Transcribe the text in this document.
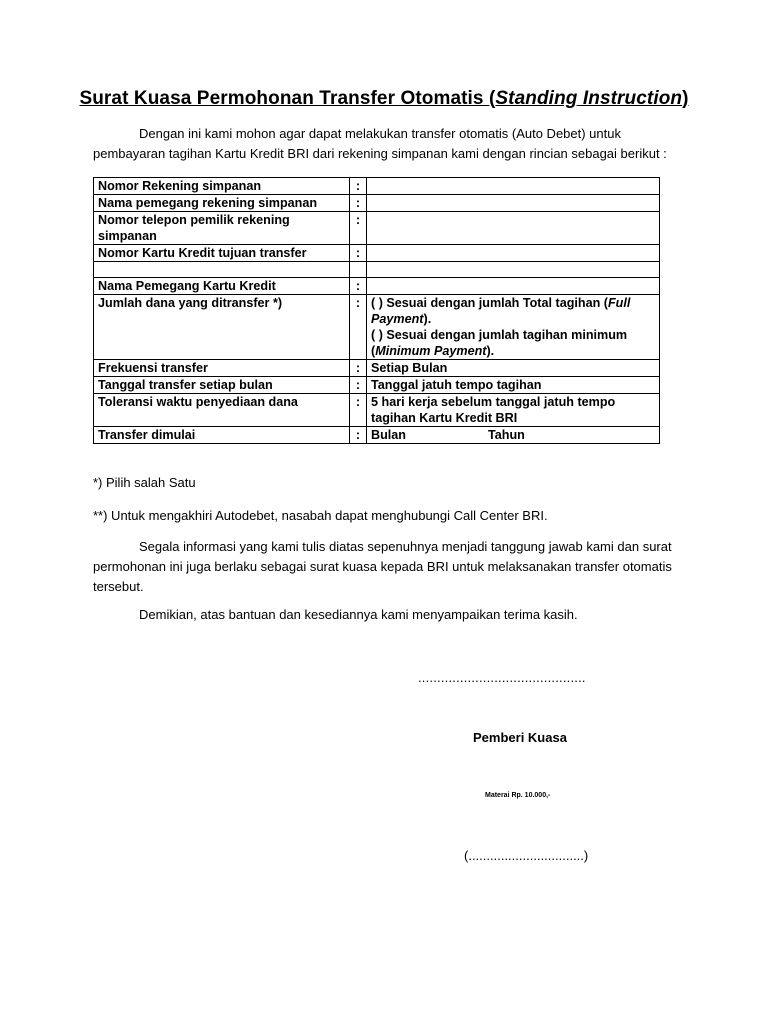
Surat Kuasa Permohonan Transfer Otomatis (Standing Instruction)
Dengan ini kami mohon agar dapat melakukan transfer otomatis (Auto Debet) untuk pembayaran tagihan Kartu Kredit BRI dari rekening simpanan kami dengan rincian sebagai berikut :
Nomor Rekening simpanan	:	
Nama pemegang rekening simpanan	:	
Nomor telepon pemilik rekening simpanan	:	
Nomor Kartu Kredit tujuan transfer	:	

Nama Pemegang Kartu Kredit	:	
Jumlah dana yang ditransfer *)	:	( ) Sesuai dengan jumlah Total tagihan (Full Payment).
( ) Sesuai dengan jumlah tagihan minimum (Minimum Payment).

Frekuensi transfer	:	Setiap Bulan
Tanggal transfer setiap bulan	:	Tanggal jatuh tempo tagihan
Toleransi waktu penyediaan dana	:	5 hari kerja sebelum tanggal jatuh tempo tagihan Kartu Kredit BRI
Transfer dimulai	:	Bulan Tahun
*) Pilih salah Satu
**) Untuk mengakhiri Autodebet, nasabah dapat menghubungi Call Center BRI.
Segala informasi yang kami tulis diatas sepenuhnya menjadi tanggung jawab kami dan surat permohonan ini juga berlaku sebagai surat kuasa kepada BRI untuk melaksanakan transfer otomatis tersebut.
Demikian, atas bantuan dan kesediannya kami menyampaikan terima kasih.
............................................
Pemberi Kuasa
Materai Rp. 10.000,-
(................................)
